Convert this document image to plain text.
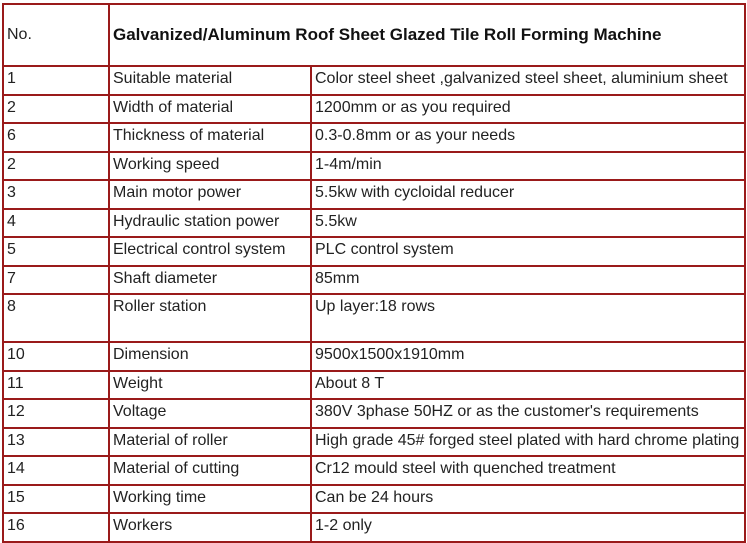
No.	Galvanized/Aluminum Roof Sheet Glazed Tile Roll Forming Machine	
1	Suitable material	Color steel sheet ,galvanized steel sheet, aluminium sheet
2	Width of material	1200mm or as you required
6	Thickness of material	0.3-0.8mm or as your needs
2	Working speed	1-4m/min
3	Main motor power	5.5kw with cycloidal reducer
4	Hydraulic station power	5.5kw
5	Electrical control system	PLC control system
7	Shaft diameter	85mm
8	Roller station	Up layer:18 rows
10	Dimension	9500x1500x1910mm
11	Weight	About 8 T
12	Voltage	380V 3phase 50HZ or as the customer's requirements
13	Material of roller	High grade 45# forged steel plated with hard chrome plating
14	Material of cutting	Cr12 mould steel with quenched treatment
15	Working time	Can be 24 hours
16	Workers	1-2 only
